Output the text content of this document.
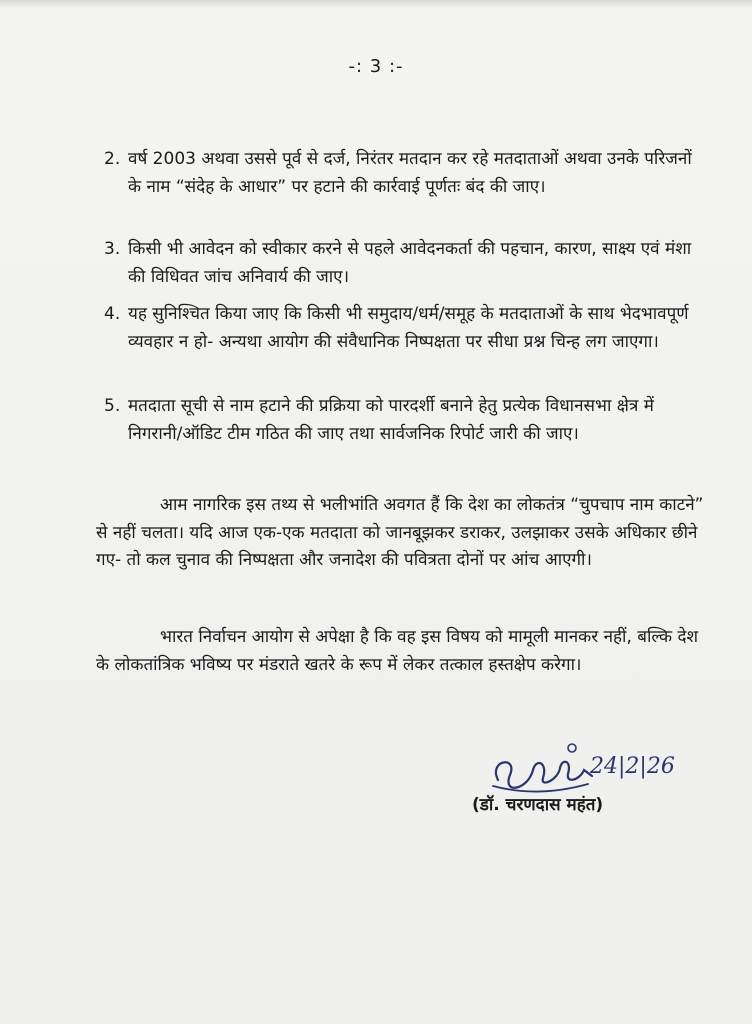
-: 3 :-
2. वर्ष 2003 अथवा उससे पूर्व से दर्ज, निरंतर मतदान कर रहे मतदाताओं अथवा उनके परिजनों के नाम “संदेह के आधार” पर हटाने की कार्रवाई पूर्णतः बंद की जाए।
3. किसी भी आवेदन को स्वीकार करने से पहले आवेदनकर्ता की पहचान, कारण, साक्ष्य एवं मंशा की विधिवत जांच अनिवार्य की जाए।
4. यह सुनिश्चित किया जाए कि किसी भी समुदाय/धर्म/समूह के मतदाताओं के साथ भेदभावपूर्ण व्यवहार न हो- अन्यथा आयोग की संवैधानिक निष्पक्षता पर सीधा प्रश्न चिन्ह लग जाएगा।
5. मतदाता सूची से नाम हटाने की प्रक्रिया को पारदर्शी बनाने हेतु प्रत्येक विधानसभा क्षेत्र में निगरानी/ऑडिट टीम गठित की जाए तथा सार्वजनिक रिपोर्ट जारी की जाए।
आम नागरिक इस तथ्य से भलीभांति अवगत हैं कि देश का लोकतंत्र “चुपचाप नाम काटने” से नहीं चलता। यदि आज एक-एक मतदाता को जानबूझकर डराकर, उलझाकर उसके अधिकार छीने गए- तो कल चुनाव की निष्पक्षता और जनादेश की पवित्रता दोनों पर आंच आएगी।
भारत निर्वाचन आयोग से अपेक्षा है कि वह इस विषय को मामूली मानकर नहीं, बल्कि देश के लोकतांत्रिक भविष्य पर मंडराते खतरे के रूप में लेकर तत्काल हस्तक्षेप करेगा।
24|2|26
(डॉ. चरणदास महंत)
